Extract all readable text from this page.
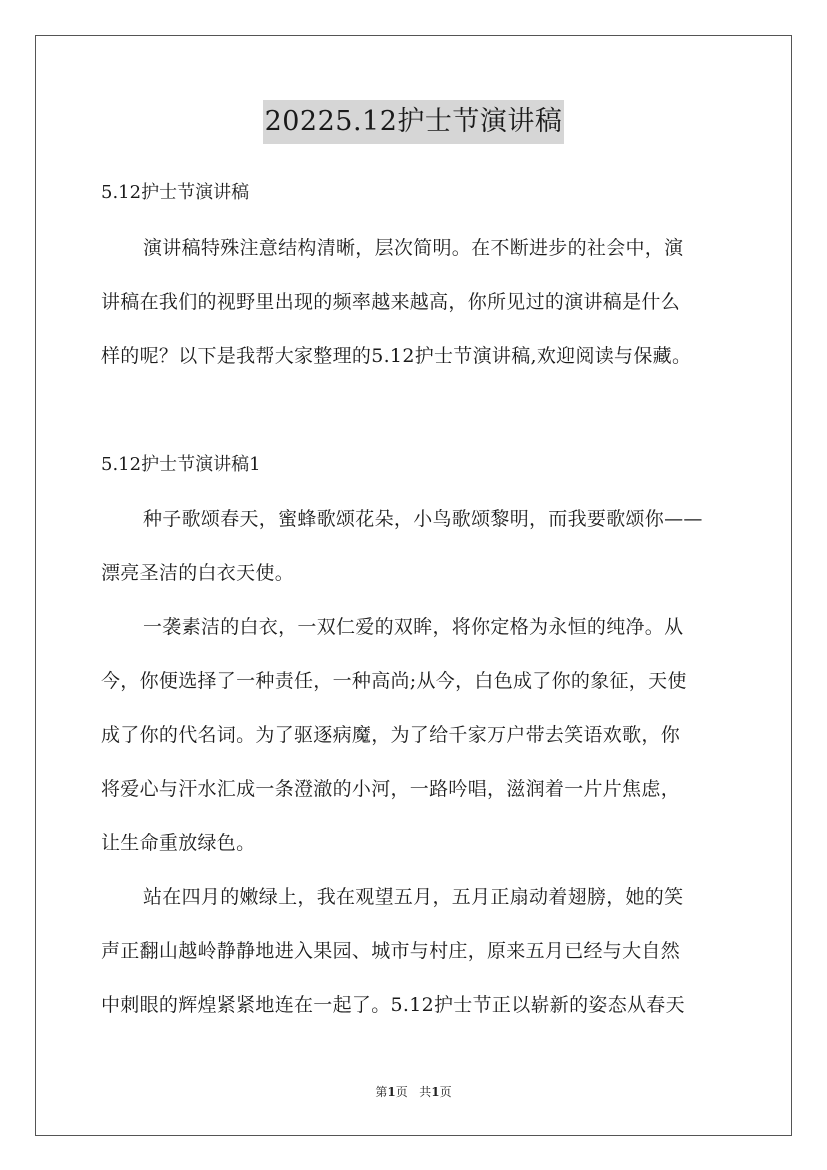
20225.12护士节演讲稿

5.12护士节演讲稿

演讲稿特殊注意结构清晰，层次简明。在不断进步的社会中，演
讲稿在我们的视野里出现的频率越来越高，你所见过的演讲稿是什么
样的呢？以下是我帮大家整理的5.12护士节演讲稿,欢迎阅读与保藏。

5.12护士节演讲稿1

种子歌颂春天，蜜蜂歌颂花朵，小鸟歌颂黎明，而我要歌颂你——
漂亮圣洁的白衣天使。
一袭素洁的白衣，一双仁爱的双眸，将你定格为永恒的纯净。从
今，你便选择了一种责任，一种高尚;从今，白色成了你的象征，天使
成了你的代名词。为了驱逐病魔，为了给千家万户带去笑语欢歌，你
将爱心与汗水汇成一条澄澈的小河，一路吟唱，滋润着一片片焦虑，
让生命重放绿色。
站在四月的嫩绿上，我在观望五月，五月正扇动着翅膀，她的笑
声正翻山越岭静静地进入果园、城市与村庄，原来五月已经与大自然
中刺眼的辉煌紧紧地连在一起了。5.12护士节正以崭新的姿态从春天
第1页 共1页
